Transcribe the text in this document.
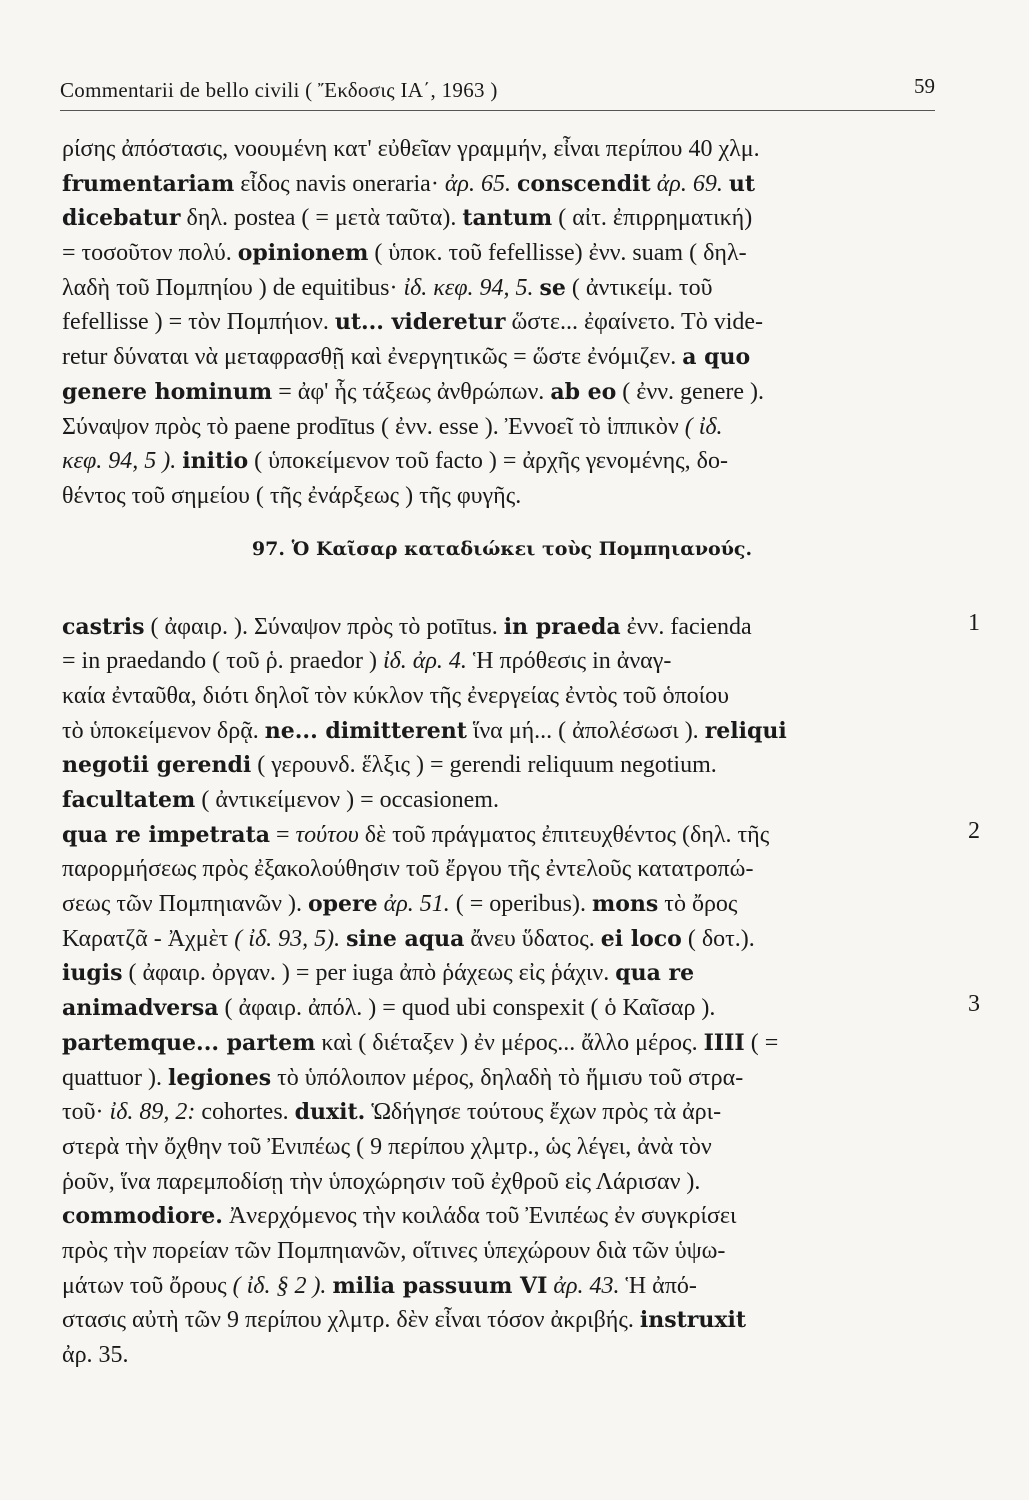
Commentarii de bello civili ( Ἔκδοσις ΙΑ΄, 1963 )	59
ρίσης ἀπόστασις, νοουμένη κατ' εὐθεῖαν γραμμήν, εἶναι περίπου 40 χλμ.
frumentariam εἶδος navis oneraria· ἀρ. 65. conscendit ἀρ. 69. ut
dicebatur δηλ. postea ( = μετὰ ταῦτα). tantum ( αἰτ. ἐπιρρηματική)
= τοσοῦτον πολύ. opinionem ( ὑποκ. τοῦ fefellisse) ἐνν. suam ( δηλ-
λαδὴ τοῦ Πομπηίου ) de equitibus· ἰδ. κεφ. 94, 5. se ( ἀντικείμ. τοῦ
fefellisse ) = τὸν Πομπήιον. ut... videretur ὥστε... ἐφαίνετο. Τὸ vide-
retur δύναται νὰ μεταφρασθῇ καὶ ἐνεργητικῶς = ὥστε ἐνόμιζεν. a quo
genere hominum = ἀφ' ἧς τάξεως ἀνθρώπων. ab eo ( ἐνν. genere ).
Σύναψον πρὸς τὸ paene prodītus ( ἐνν. esse ). Ἐννοεῖ τὸ ἱππικὸν ( ἰδ.
κεφ. 94, 5 ). initio ( ὑποκείμενον τοῦ facto ) = ἀρχῆς γενομένης, δο-
θέντος τοῦ σημείου ( τῆς ἐνάρξεως ) τῆς φυγῆς.
97. Ὁ Καῖσαρ καταδιώκει τοὺς Πομπηιανούς.
castris ( ἀφαιρ. ). Σύναψον πρὸς τὸ potītus. in praeda ἐνν. facienda	1
= in praedando ( τοῦ ῥ. praedor ) ἰδ. ἀρ. 4. Ἡ πρόθεσις in ἀναγ-
καία ἐνταῦθα, διότι δηλοῖ τὸν κύκλον τῆς ἐνεργείας ἐντὸς τοῦ ὁποίου
τὸ ὑποκείμενον δρᾷ. ne... dimitterent ἵνα μή... ( ἀπολέσωσι ). reliqui
negotii gerendi ( γερουνδ. ἕλξις ) = gerendi reliquum negotium.
facultatem ( ἀντικείμενον ) = occasionem.
qua re impetrata = τούτου δὲ τοῦ πράγματος ἐπιτευχθέντος (δηλ. τῆς	2
παρορμήσεως πρὸς ἐξακολούθησιν τοῦ ἔργου τῆς ἐντελοῦς κατατροπώ-
σεως τῶν Πομπηιανῶν ). opere ἀρ. 51. ( = operibus). mons τὸ ὄρος
Καρατζᾶ - Ἀχμὲτ ( ἰδ. 93, 5). sine aqua ἄνευ ὕδατος. ei loco ( δοτ.).
iugis ( ἀφαιρ. ὀργαν. ) = per iuga ἀπὸ ῥάχεως εἰς ῥάχιν. qua re
animadversa ( ἀφαιρ. ἀπόλ. ) = quod ubi conspexit ( ὁ Καῖσαρ ).	3
partemque... partem καὶ ( διέταξεν ) ἐν μέρος... ἄλλο μέρος. IIII ( =
quattuor ). legiones τὸ ὑπόλοιπον μέρος, δηλαδὴ τὸ ἥμισυ τοῦ στρα-
τοῦ· ἰδ. 89, 2: cohortes. duxit. Ὡδήγησε τούτους ἔχων πρὸς τὰ ἀρι-
στερὰ τὴν ὄχθην τοῦ Ἐνιπέως ( 9 περίπου χλμτρ., ὡς λέγει, ἀνὰ τὸν
ῥοῦν, ἵνα παρεμποδίσῃ τὴν ὑποχώρησιν τοῦ ἐχθροῦ εἰς Λάρισαν ).
commodiore. Ἀνερχόμενος τὴν κοιλάδα τοῦ Ἐνιπέως ἐν συγκρίσει
πρὸς τὴν πορείαν τῶν Πομπηιανῶν, οἵτινες ὑπεχώρουν διὰ τῶν ὑψω-
μάτων τοῦ ὄρους ( ἰδ. § 2 ). milia passuum VI ἀρ. 43. Ἡ ἀπό-
στασις αὐτὴ τῶν 9 περίπου χλμτρ. δὲν εἶναι τόσον ἀκριβής. instruxit
ἀρ. 35.
